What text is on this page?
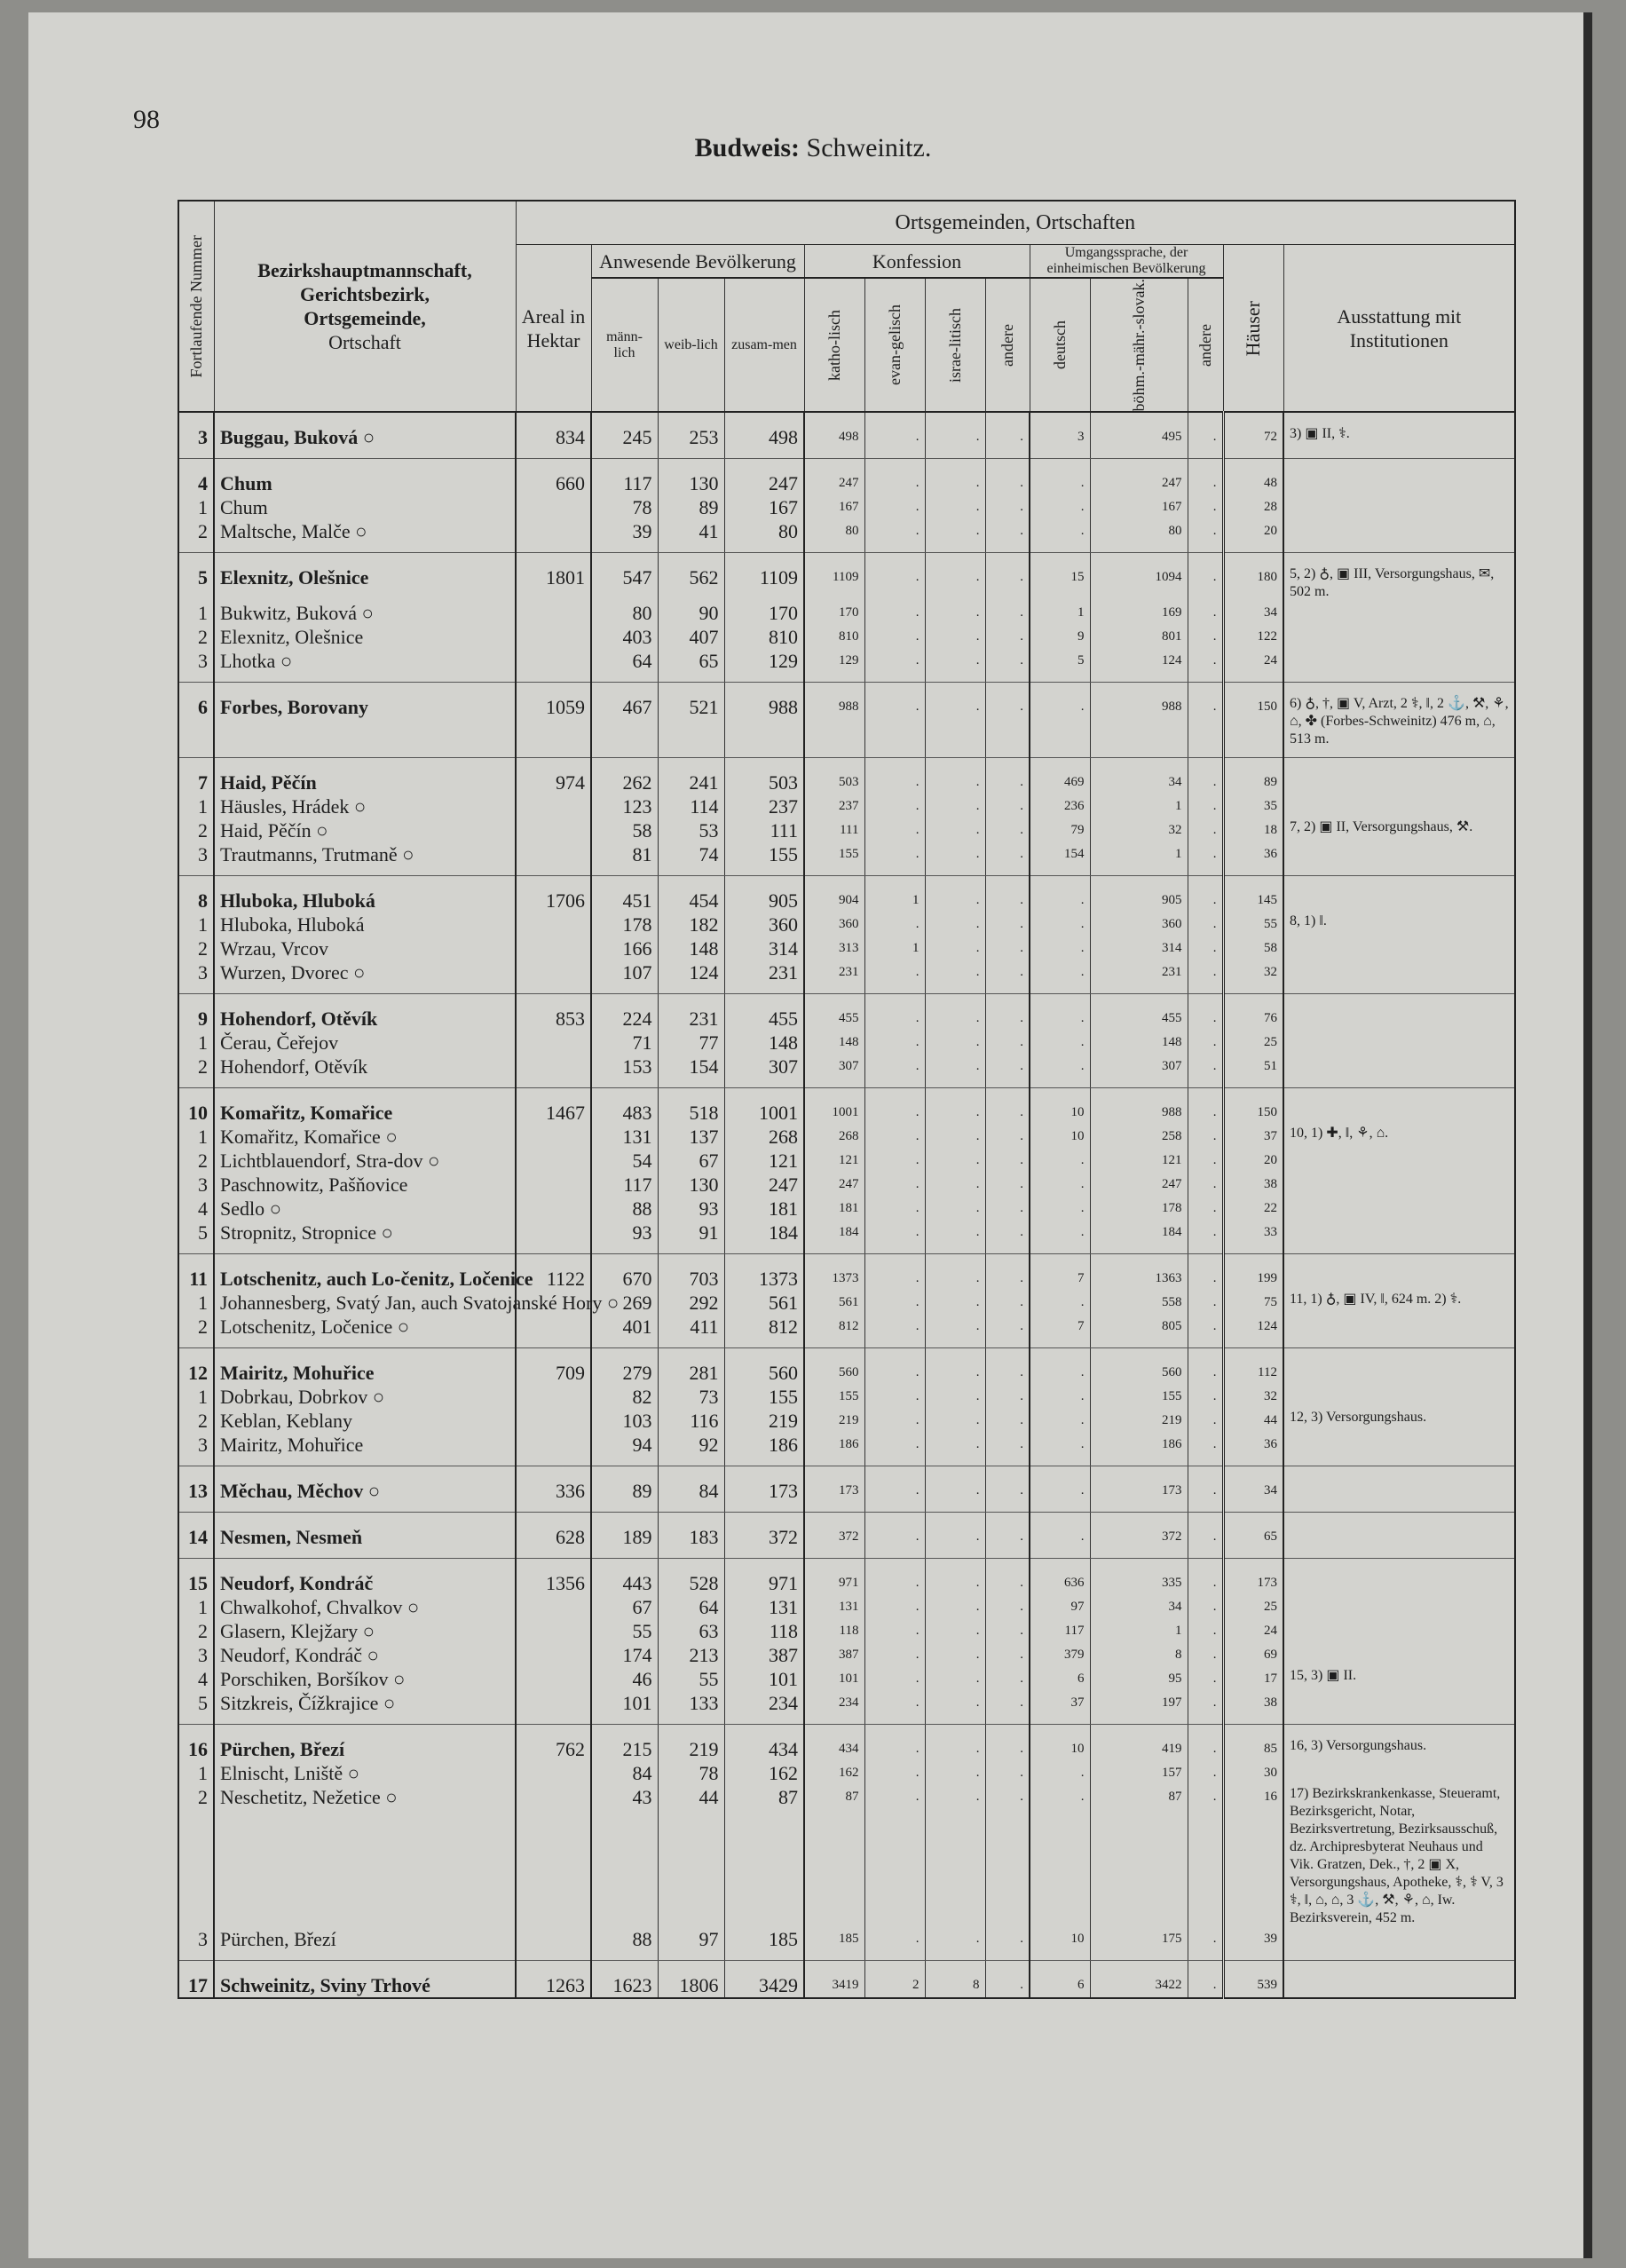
98
Budweis: Schweinitz.
Fortlaufende Nummer	Bezirkshauptmannschaft,
Gerichtsbezirk,
Ortsgemeinde,
Ortschaft	Ortsgemeinden, Ortschaften												
		Areal in Hektar	Anwesende Bevölkerung			Konfession				Umgangssprache, der einheimischen Bevölkerung			Häuser	Ausstattung mit Institutionen
			männ-lich	weib-lich	zusam-men	katho-lisch	evan-gelisch	israe-litisch	andere	deutsch	böhm.-mähr.-slovak.	andere		

3	Buggau, Buková ○	834	245	253	498	498	.	.	.	3	495	.	72	3) ▣ II, ⚕.
4	Chum	660	117	130	247	247	.	.	.	.	247	.	48	
1	Chum		78	89	167	167	.	.	.	.	167	.	28	
2	Maltsche, Malče ○		39	41	80	80	.	.	.	.	80	.	20	
5	Elexnitz, Olešnice	1801	547	562	1109	1109	.	.	.	15	1094	.	180	5, 2) ♁, ▣ III, Versorgungshaus, ✉, 502 m.
1	Bukwitz, Buková ○		80	90	170	170	.	.	.	1	169	.	34	
2	Elexnitz, Olešnice		403	407	810	810	.	.	.	9	801	.	122	
3	Lhotka ○		64	65	129	129	.	.	.	5	124	.	24	
6	Forbes, Borovany	1059	467	521	988	988	.	.	.	.	988	.	150	6) ♁, †, ▣ V, Arzt, 2 ⚕, ‖, 2 ⚓, ⚒, ⚘, ⌂, ✤ (Forbes-Schweinitz) 476 m, ⌂, 513 m.
7	Haid, Pěčín	974	262	241	503	503	.	.	.	469	34	.	89	
1	Häusles, Hrádek ○		123	114	237	237	.	.	.	236	1	.	35	
2	Haid, Pěčín ○		58	53	111	111	.	.	.	79	32	.	18	7, 2) ▣ II, Versorgungshaus, ⚒.
3	Trautmanns, Trutmaně ○		81	74	155	155	.	.	.	154	1	.	36	
8	Hluboka, Hluboká	1706	451	454	905	904	1	.	.	.	905	.	145	
1	Hluboka, Hluboká		178	182	360	360	.	.	.	.	360	.	55	8, 1) ‖.
2	Wrzau, Vrcov		166	148	314	313	1	.	.	.	314	.	58	
3	Wurzen, Dvorec ○		107	124	231	231	.	.	.	.	231	.	32	
9	Hohendorf, Otěvík	853	224	231	455	455	.	.	.	.	455	.	76	
1	Čerau, Čeřejov		71	77	148	148	.	.	.	.	148	.	25	
2	Hohendorf, Otěvík		153	154	307	307	.	.	.	.	307	.	51	
10	Komařitz, Komařice	1467	483	518	1001	1001	.	.	.	10	988	.	150	
1	Komařitz, Komařice ○		131	137	268	268	.	.	.	10	258	.	37	10, 1) ✚, ‖, ⚘, ⌂.
2	Lichtblauendorf, Stra-dov ○		54	67	121	121	.	.	.	.	121	.	20	
3	Paschnowitz, Pašňovice		117	130	247	247	.	.	.	.	247	.	38	
4	Sedlo ○		88	93	181	181	.	.	.	.	178	.	22	
5	Stropnitz, Stropnice ○		93	91	184	184	.	.	.	.	184	.	33	
11	Lotschenitz, auch Lo-čenitz, Ločenice	1122	670	703	1373	1373	.	.	.	7	1363	.	199	
1	Johannesberg, Svatý Jan, auch Svatojanské Hory ○		269	292	561	561	.	.	.	.	558	.	75	11, 1) ♁, ▣ IV, ‖, 624 m. 2) ⚕.
2	Lotschenitz, Ločenice ○		401	411	812	812	.	.	.	7	805	.	124	
12	Mairitz, Mohuřice	709	279	281	560	560	.	.	.	.	560	.	112	
1	Dobrkau, Dobrkov ○		82	73	155	155	.	.	.	.	155	.	32	
2	Keblan, Keblany		103	116	219	219	.	.	.	.	219	.	44	12, 3) Versorgungshaus.
3	Mairitz, Mohuřice		94	92	186	186	.	.	.	.	186	.	36	
13	Měchau, Měchov ○	336	89	84	173	173	.	.	.	.	173	.	34	
14	Nesmen, Nesmeň	628	189	183	372	372	.	.	.	.	372	.	65	
15	Neudorf, Kondráč	1356	443	528	971	971	.	.	.	636	335	.	173	
1	Chwalkohof, Chvalkov ○		67	64	131	131	.	.	.	97	34	.	25	
2	Glasern, Klejžary ○		55	63	118	118	.	.	.	117	1	.	24	
3	Neudorf, Kondráč ○		174	213	387	387	.	.	.	379	8	.	69	
4	Porschiken, Boršíkov ○		46	55	101	101	.	.	.	6	95	.	17	15, 3) ▣ II.
5	Sitzkreis, Čížkrajice ○		101	133	234	234	.	.	.	37	197	.	38	
16	Pürchen, Březí	762	215	219	434	434	.	.	.	10	419	.	85	16, 3) Versorgungshaus.
1	Elnischt, Lniště ○		84	78	162	162	.	.	.	.	157	.	30	
2	Neschetitz, Nežetice ○		43	44	87	87	.	.	.	.	87	.	16	17) Bezirkskrankenkasse, Steueramt, Bezirksgericht, Notar, Bezirksvertretung, Bezirksausschuß, dz. Archipresbyterat Neuhaus und Vik. Gratzen, Dek., †, 2 ▣ X, Versorgungshaus, Apotheke, ⚕, ⚕ V, 3 ⚕, ‖, ⌂, ⌂, 3 ⚓, ⚒, ⚘, ⌂, Iw. Bezirksverein, 452 m.
3	Pürchen, Březí		88	97	185	185	.	.	.	10	175	.	39	
17	Schweinitz, Sviny Trhové	1263	1623	1806	3429	3419	2	8	.	6	3422	.	539	
